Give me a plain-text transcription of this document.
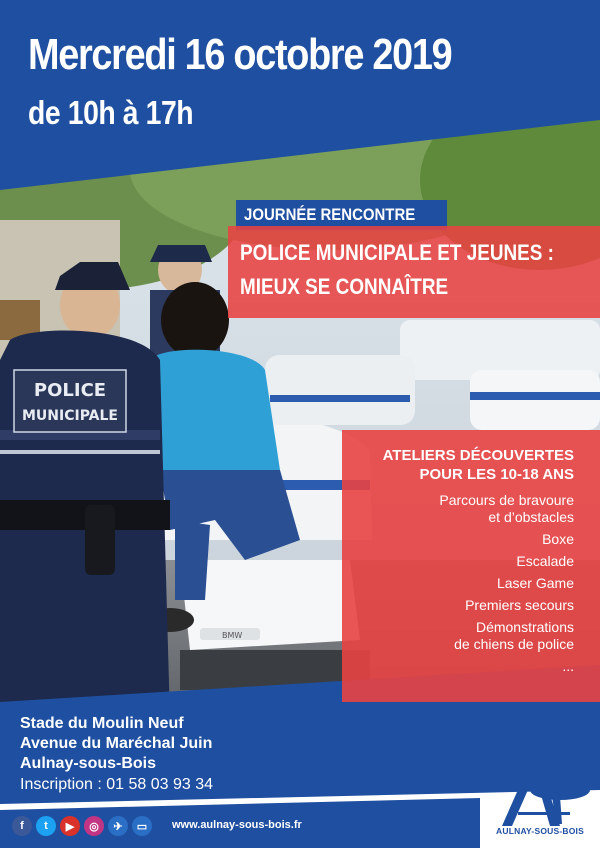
BMW
POLICE
MUNICIPALE
Mercredi 16 octobre 2019
de 10h à 17h
JOURNÉE RENCONTRE
POLICE MUNICIPALE ET JEUNES :
MIEUX SE CONNAÎTRE
ATELIERS DÉCOUVERTES
POUR LES 10-18 ANS
Parcours de bravoure
et d’obstacles
Boxe
Escalade
Laser Game
Premiers secours
Démonstrations
de chiens de police
...
Stade du Moulin Neuf
Avenue du Maréchal Juin
Aulnay-sous-Bois
Inscription : 01 58 03 93 34
f	t	▶	◎	✈	▭	www.aulnay-sous-bois.fr	AULNAY-SOUS-BOIS
